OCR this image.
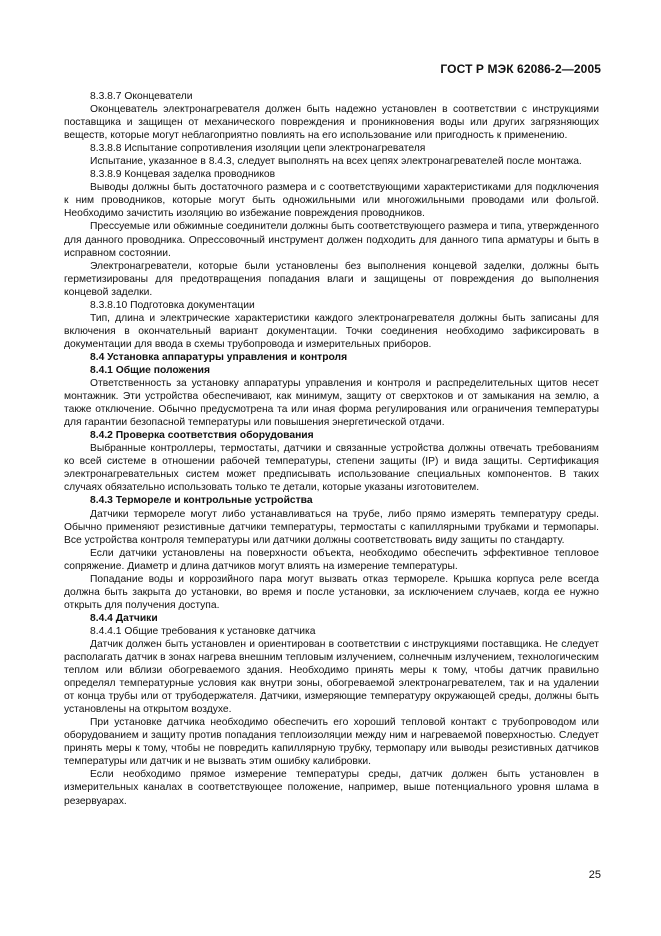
ГОСТ Р МЭК 62086-2—2005

8.3.8.7 Оконцеватели

Оконцеватель электронагревателя должен быть надежно установлен в соответствии с инструкциями поставщика и защищен от механического повреждения и проникновения воды или других загрязняющих веществ, которые могут неблагоприятно повлиять на его использование или пригодность к применению.

8.3.8.8 Испытание сопротивления изоляции цепи электронагревателя

Испытание, указанное в 8.4.3, следует выполнять на всех цепях электронагревателей после монтажа.

8.3.8.9 Концевая заделка проводников

Выводы должны быть достаточного размера и с соответствующими характеристиками для подключения к ним проводников, которые могут быть одножильными или многожильными проводами или фольгой. Необходимо зачистить изоляцию во избежание повреждения проводников.

Прессуемые или обжимные соединители должны быть соответствующего размера и типа, утвержденного для данного проводника. Опрессовочный инструмент должен подходить для данного типа арматуры и быть в исправном состоянии.

Электронагреватели, которые были установлены без выполнения концевой заделки, должны быть герметизированы для предотвращения попадания влаги и защищены от повреждения до выполнения концевой заделки.

8.3.8.10 Подготовка документации

Тип, длина и электрические характеристики каждого электронагревателя должны быть записаны для включения в окончательный вариант документации. Точки соединения необходимо зафиксировать в документации для ввода в схемы трубопровода и измерительных приборов.

8.4 Установка аппаратуры управления и контроля

8.4.1 Общие положения

Ответственность за установку аппаратуры управления и контроля и распределительных щитов несет монтажник. Эти устройства обеспечивают, как минимум, защиту от сверхтоков и от замыкания на землю, а также отключение. Обычно предусмотрена та или иная форма регулирования или ограничения температуры для гарантии безопасной температуры или повышения энергетической отдачи.

8.4.2 Проверка соответствия оборудования

Выбранные контроллеры, термостаты, датчики и связанные устройства должны отвечать требованиям ко всей системе в отношении рабочей температуры, степени защиты (IP) и вида защиты. Сертификация электронагревательных систем может предписывать использование специальных компонентов. В таких случаях обязательно использовать только те детали, которые указаны изготовителем.

8.4.3 Термореле и контрольные устройства

Датчики термореле могут либо устанавливаться на трубе, либо прямо измерять температуру среды. Обычно применяют резистивные датчики температуры, термостаты с капиллярными трубками и термопары. Все устройства контроля температуры или датчики должны соответствовать виду защиты по стандарту.

Если датчики установлены на поверхности объекта, необходимо обеспечить эффективное тепловое сопряжение. Диаметр и длина датчиков могут влиять на измерение температуры.

Попадание воды и коррозийного пара могут вызвать отказ термореле. Крышка корпуса реле всегда должна быть закрыта до установки, во время и после установки, за исключением случаев, когда ее нужно открыть для получения доступа.

8.4.4 Датчики

8.4.4.1 Общие требования к установке датчика

Датчик должен быть установлен и ориентирован в соответствии с инструкциями поставщика. Не следует располагать датчик в зонах нагрева внешним тепловым излучением, солнечным излучением, технологическим теплом или вблизи обогреваемого здания. Необходимо принять меры к тому, чтобы датчик правильно определял температурные условия как внутри зоны, обогреваемой электронагревателем, так и на удалении от конца трубы или от трубодержателя. Датчики, измеряющие температуру окружающей среды, должны быть установлены на открытом воздухе.

При установке датчика необходимо обеспечить его хороший тепловой контакт с трубопроводом или оборудованием и защиту против попадания теплоизоляции между ним и нагреваемой поверхностью. Следует принять меры к тому, чтобы не повредить капиллярную трубку, термопару или выводы резистивных датчиков температуры или датчик и не вызвать этим ошибку калибровки.

Если необходимо прямое измерение температуры среды, датчик должен быть установлен в измерительных каналах в соответствующее положение, например, выше потенциального уровня шлама в резервуарах.

25
